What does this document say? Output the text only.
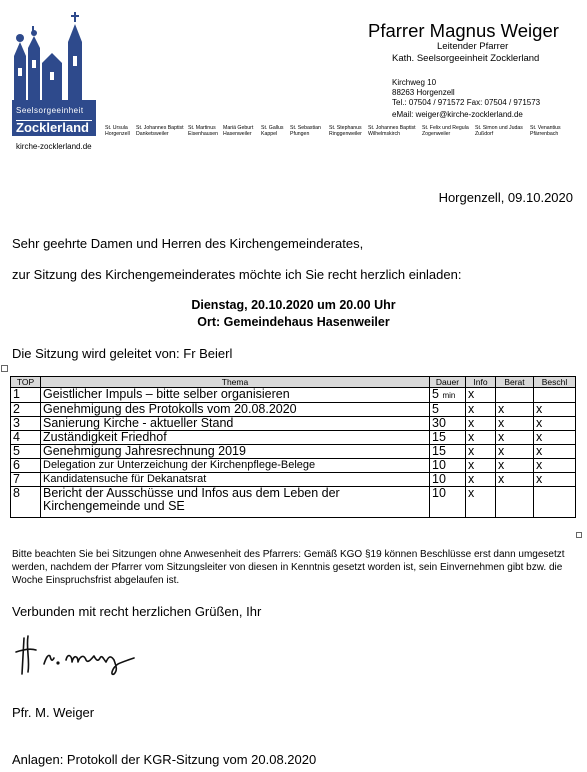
Seelsorgeeinheit
Zocklerland
kirche-zocklerland.de
Pfarrer Magnus Weiger
Leitender Pfarrer
Kath. Seelsorgeeinheit Zocklerland
Kirchweg 10
88263 Horgenzell
Tel.: 07504 / 971572 Fax: 07504 / 971573
eMail: weiger@kirche-zocklerland.de
St. Ursula
Horgenzell
St. Johannes Baptist
Danketsweiler
St. Martinus
Eisenhausen
Mariä Geburt
Hasenweiler
St. Gallus
Kappel
St. Sebastian
Pfungen
St. Stephanus
Ringgenweiler
St. Johannes Baptist
Wilhelmskirch
St. Felix und Regula
Zogenweiler
St. Simon und Judas
Zußdorf
St. Venantius
Pfärrenbach
Horgenzell, 09.10.2020
Sehr geehrte Damen und Herren des Kirchengemeinderates,
zur Sitzung des Kirchengemeinderates möchte ich Sie recht herzlich einladen:
Dienstag, 20.10.2020 um 20.00 Uhr
Ort: Gemeindehaus Hasenweiler
Die Sitzung wird geleitet von: Fr Beierl
TOP	Thema	Dauer	Info	Berat	Beschl
1	Geistlicher Impuls – bitte selber organisieren	5 min	x		
2	Genehmigung des Protokolls vom 20.08.2020	5	x	x	x
3	Sanierung Kirche - aktueller Stand	30	x	x	x
4	Zuständigkeit Friedhof	15	x	x	x
5	Genehmigung Jahresrechnung 2019	15	x	x	x
6	Delegation zur Unterzeichung der Kirchenpflege-Belege	10	x	x	x
7	Kandidatensuche für Dekanatsrat	10	x	x	x
8	Bericht der Ausschüsse und Infos aus dem Leben der Kirchengemeinde und SE	10	x		
Bitte beachten Sie bei Sitzungen ohne Anwesenheit des Pfarrers: Gemäß KGO §19 können Beschlüsse erst dann umgesetzt werden, nachdem der Pfarrer vom Sitzungsleiter von diesen in Kenntnis gesetzt worden ist, sein Einvernehmen gibt bzw. die Woche Einspruchsfrist abgelaufen ist.
Verbunden mit recht herzlichen Grüßen, Ihr
Pfr. M. Weiger
Anlagen: Protokoll der KGR-Sitzung vom 20.08.2020
